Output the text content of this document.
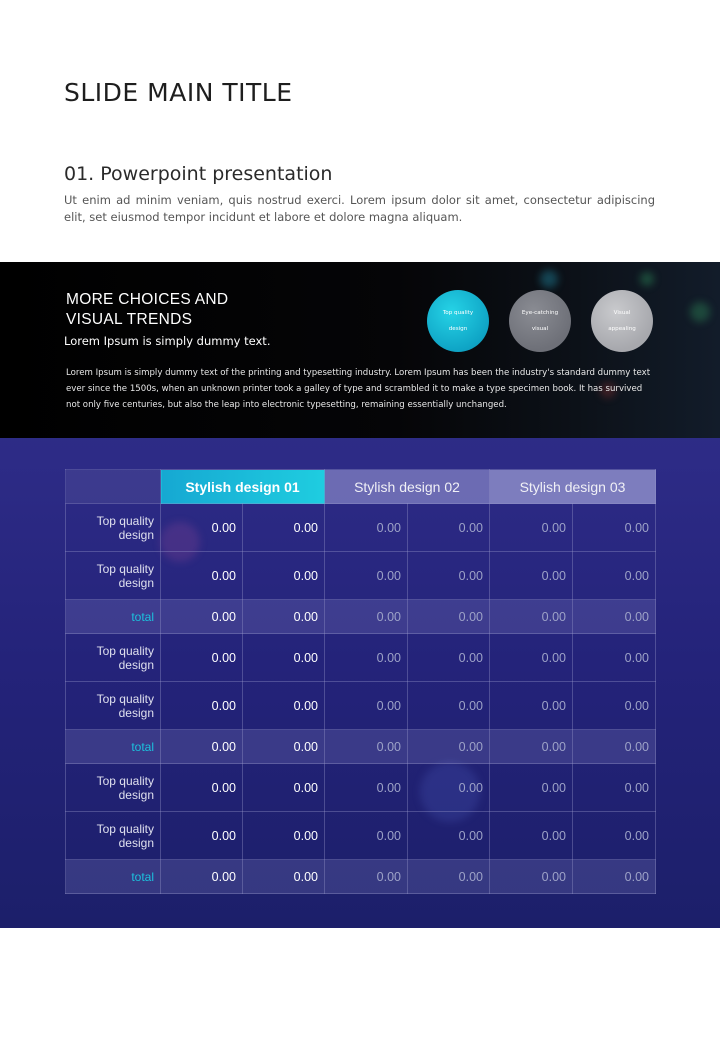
SLIDE MAIN TITLE
01. Powerpoint presentation

Ut enim ad minim veniam, quis nostrud exerci. Lorem ipsum dolor sit amet, consectetur adipiscing elit, set eiusmod tempor incidunt et labore et dolore magna aliquam.

MORE CHOICES AND
VISUAL TRENDS

Lorem Ipsum is simply dummy text.

Lorem Ipsum is simply dummy text of the printing and typesetting industry. Lorem Ipsum has been the industry's standard dummy text ever since the 1500s, when an unknown printer took a galley of type and scrambled it to make a type specimen book. It has survived not only five centuries, but also the leap into electronic typesetting, remaining essentially unchanged.

Top quality

design
Eye-catching

visual
Visual

appealing
	Stylish design 01		Stylish design 02		Stylish design 03	
Top quality
design	0.00	0.00	0.00	0.00	0.00	0.00
Top quality
design	0.00	0.00	0.00	0.00	0.00	0.00
total	0.00	0.00	0.00	0.00	0.00	0.00
Top quality
design	0.00	0.00	0.00	0.00	0.00	0.00
Top quality
design	0.00	0.00	0.00	0.00	0.00	0.00
total	0.00	0.00	0.00	0.00	0.00	0.00
Top quality
design	0.00	0.00	0.00	0.00	0.00	0.00
Top quality
design	0.00	0.00	0.00	0.00	0.00	0.00
total	0.00	0.00	0.00	0.00	0.00	0.00
